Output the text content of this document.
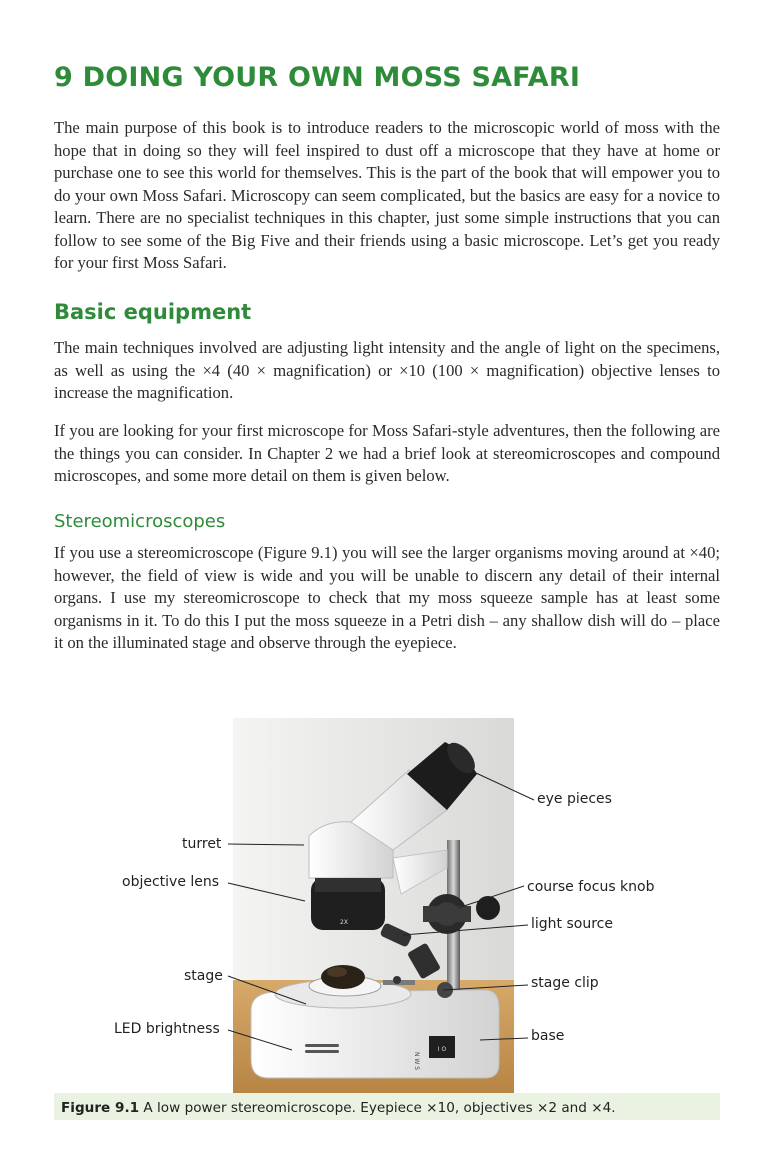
9 DOING YOUR OWN MOSS SAFARI

The main purpose of this book is to introduce readers to the microscopic world of moss with the hope that in doing so they will feel inspired to dust off a microscope that they have at home or purchase one to see this world for themselves. This is the part of the book that will empower you to do your own Moss Safari. Microscopy can seem complicated, but the basics are easy for a novice to learn. There are no specialist techniques in this chapter, just some simple instructions that you can follow to see some of the Big Five and their friends using a basic microscope. Let’s get you ready for your first Moss Safari.

Basic equipment

The main techniques involved are adjusting light intensity and the angle of light on the specimens, as well as using the ×4 (40 × magnification) or ×10 (100 × magnification) objective lenses to increase the magnification.

If you are looking for your first microscope for Moss Safari-style adventures, then the following are the things you can consider. In Chapter 2 we had a brief look at stereomicroscopes and compound microscopes, and some more detail on them is given below.

Stereomicroscopes

If you use a stereomicroscope (Figure 9.1) you will see the larger organisms moving around at ×40; however, the field of view is wide and you will be unable to discern any detail of their internal organs. I use my stereomicroscope to check that my moss squeeze sample has at least some organisms in it. To do this I put the moss squeeze in a Petri dish – any shallow dish will do – place it on the illuminated stage and observe through the eyepiece.

I O
N W S
2X
turret
objective lens
stage
LED brightness
eye pieces
course focus knob
light source
stage clip
base
Figure 9.1 A low power stereomicroscope. Eyepiece ×10, objectives ×2 and ×4.
